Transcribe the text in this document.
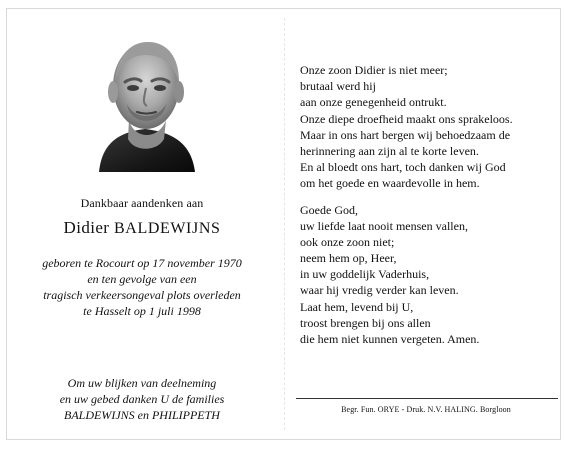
Dankbaar aandenken aan
Didier BALDEWIJNS
geboren te Rocourt op 17 november 1970
en ten gevolge van een
tragisch verkeersongeval plots overleden
te Hasselt op 1 juli 1998
Om uw blijken van deelneming
en uw gebed danken U de families
BALDEWIJNS en PHILIPPETH
Onze zoon Didier is niet meer;
brutaal werd hij
aan onze genegenheid ontrukt.
Onze diepe droefheid maakt ons sprakeloos.
Maar in ons hart bergen wij behoedzaam de
herinnering aan zijn al te korte leven.
En al bloedt ons hart, toch danken wij God
om het goede en waardevolle in hem.
Goede God,
uw liefde laat nooit mensen vallen,
ook onze zoon niet;
neem hem op, Heer,
in uw goddelijk Vaderhuis,
waar hij vredig verder kan leven.
Laat hem, levend bij U,
troost brengen bij ons allen
die hem niet kunnen vergeten. Amen.
Begr. Fun. ORYE - Druk. N.V. HALING. Borgloon
